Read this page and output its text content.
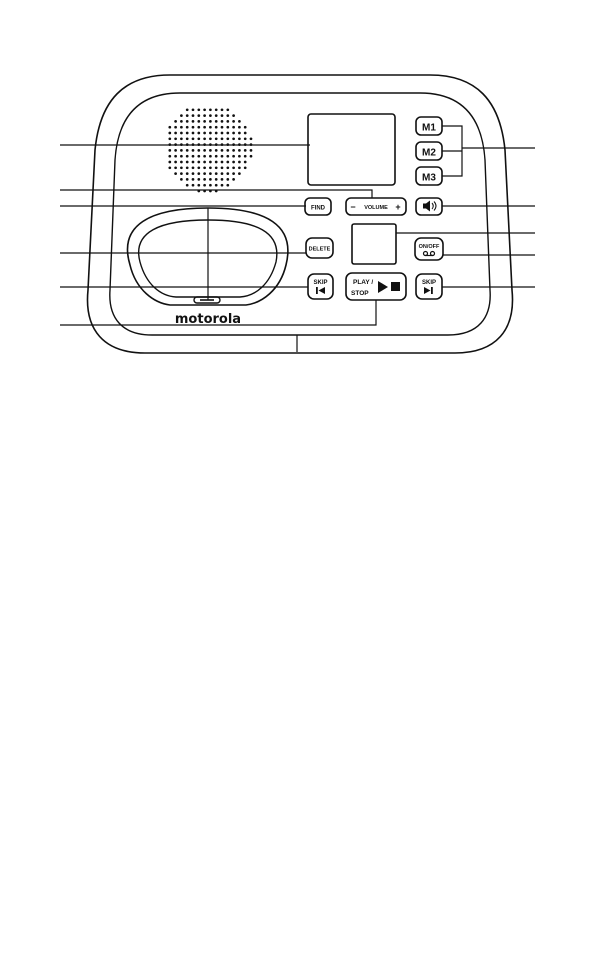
motorola
M1
M2
M3
FIND	− VOLUME +
DELETE	ON/OFF
SKIP	PLAY /
STOP
SKIP
